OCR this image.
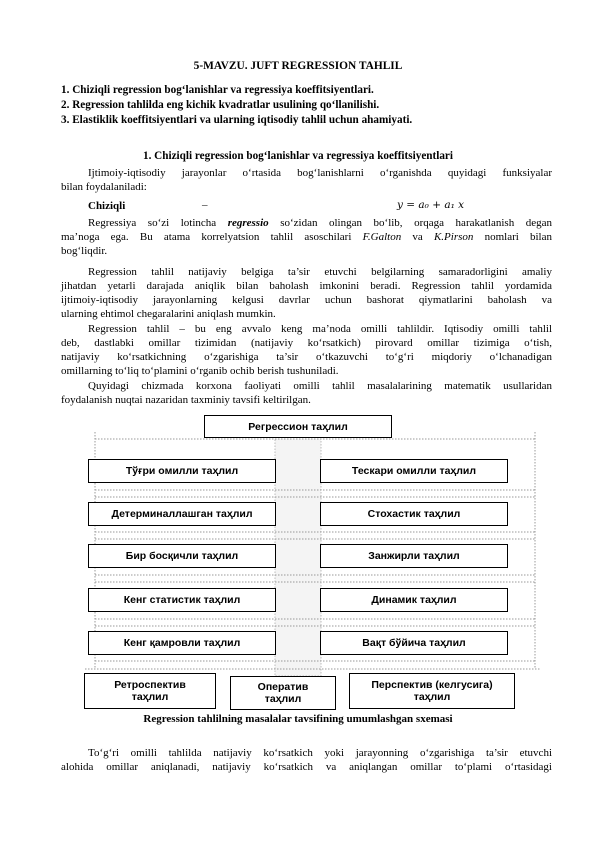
5-MAVZU. JUFT REGRESSION TAHLIL
1. Chiziqli regression bog‘lanishlar va regressiya koeffitsiyentlari.
2. Regression tahlilda eng kichik kvadratlar usulining qo‘llanilishi.
3. Elastiklik koeffitsiyentlari va ularning iqtisodiy tahlil uchun ahamiyati.
1. Chiziqli regression bog‘lanishlar va regressiya koeffitsiyentlari
Ijtimoiy-iqtisodiy jarayonlar o‘rtasida bog‘lanishlarni o‘rganishda quyidagi funksiyalar
bilan foydalaniladi:
Chiziqli	–	y = a₀ + a₁ x
Regressiya so‘zi lotincha regressio so‘zidan olingan bo‘lib, orqaga harakatlanish degan
ma’noga ega. Bu atama korrelyatsion tahlil asoschilari F.Galton va K.Pirson nomlari bilan
bog‘liqdir.
Regression tahlil natijaviy belgiga ta’sir etuvchi belgilarning samaradorligini amaliy
jihatdan yetarli darajada aniqlik bilan baholash imkonini beradi. Regression tahlil yordamida
ijtimoiy-iqtisodiy jarayonlarning kelgusi davrlar uchun bashorat qiymatlarini baholash va
ularning ehtimol chegaralarini aniqlash mumkin.
Regression tahlil – bu eng avvalo keng ma’noda omilli tahlildir. Iqtisodiy omilli tahlil
deb, dastlabki omillar tizimidan (natijaviy ko‘rsatkich) pirovard omillar tizimiga o‘tish,
natijaviy ko‘rsatkichning o‘zgarishiga ta’sir o‘tkazuvchi to‘g‘ri miqdoriy o‘lchanadigan
omillarning to‘liq to‘plamini o‘rganib ochib berish tushuniladi.
Quyidagi chizmada korxona faoliyati omilli tahlil masalalarining matematik usullaridan
foydalanish nuqtai nazaridan taxminiy tavsifi keltirilgan.
Регрессион таҳлил
Тўғри омилли таҳлил
Детерминаллашган таҳлил
Бир босқичли таҳлил
Кенг статистик таҳлил
Кенг қамровли таҳлил
Тескари омилли таҳлил
Стохастик таҳлил
Занжирли таҳлил
Динамик таҳлил
Вақт бўйича таҳлил
Ретроспектив
таҳлил
Оператив
таҳлил
Перспектив (келгусига)
таҳлил
Regression tahlilning masalalar tavsifining umumlashgan sxemasi
To‘g‘ri omilli tahlilda natijaviy ko‘rsatkich yoki jarayonning o‘zgarishiga ta’sir etuvchi
alohida omillar aniqlanadi, natijaviy ko‘rsatkich va aniqlangan omillar to‘plami o‘rtasidagi
